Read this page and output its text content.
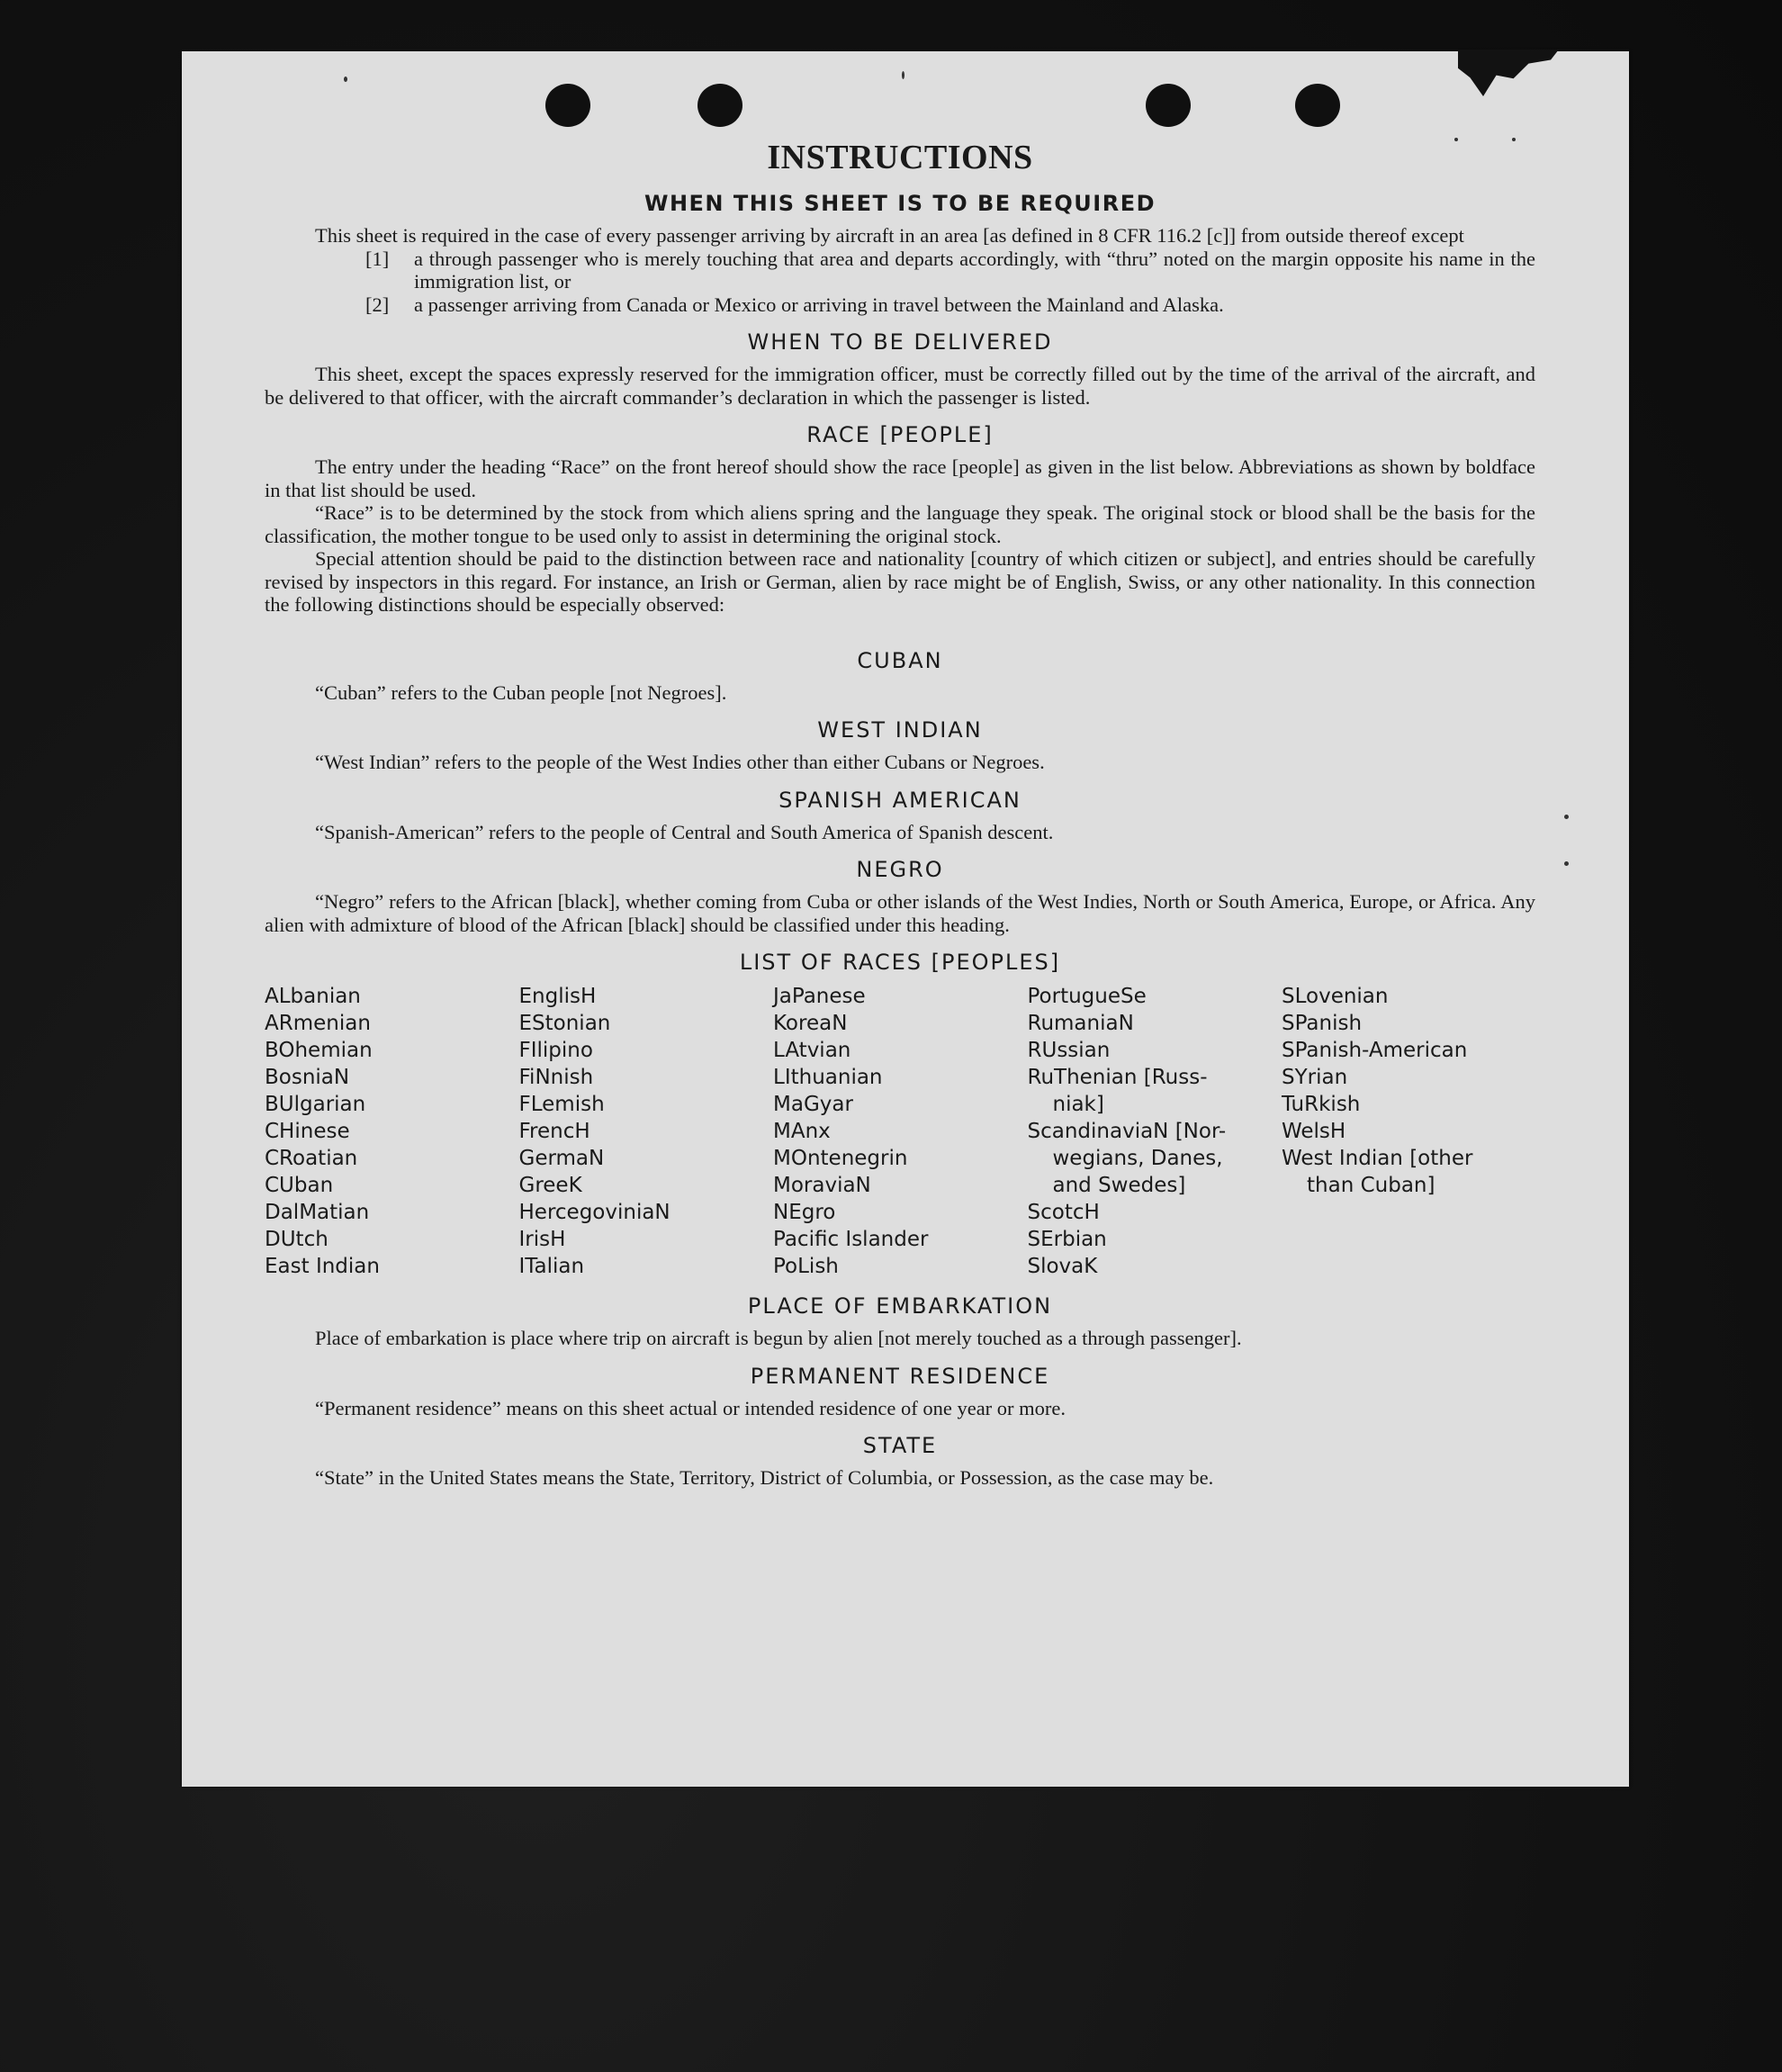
INSTRUCTIONS
WHEN THIS SHEET IS TO BE REQUIRED

This sheet is required in the case of every passenger arriving by aircraft in an area [as defined in 8 CFR 116.2 [c]] from outside thereof except

[1]	a through passenger who is merely touching that area and departs accordingly, with “thru” noted on the margin opposite his name in the immigration list, or
[2]	a passenger arriving from Canada or Mexico or arriving in travel between the Mainland and Alaska.
WHEN TO BE DELIVERED

This sheet, except the spaces expressly reserved for the immigration officer, must be correctly filled out by the time of the arrival of the aircraft, and be delivered to that officer, with the aircraft commander’s declaration in which the passenger is listed.

RACE [PEOPLE]

The entry under the heading “Race” on the front hereof should show the race [people] as given in the list below. Abbreviations as shown by boldface in that list should be used.

“Race” is to be determined by the stock from which aliens spring and the language they speak. The original stock or blood shall be the basis for the classification, the mother tongue to be used only to assist in determining the original stock.

Special attention should be paid to the distinction between race and nationality [country of which citizen or subject], and entries should be carefully revised by inspectors in this regard. For instance, an Irish or German, alien by race might be of English, Swiss, or any other nationality. In this connection the following distinctions should be especially observed:

CUBAN

“Cuban” refers to the Cuban people [not Negroes].

WEST INDIAN

“West Indian” refers to the people of the West Indies other than either Cubans or Negroes.

SPANISH AMERICAN

“Spanish-American” refers to the people of Central and South America of Spanish descent.

NEGRO

“Negro” refers to the African [black], whether coming from Cuba or other islands of the West Indies, North or South America, Europe, or Africa. Any alien with admixture of blood of the African [black] should be classified under this heading.

LIST OF RACES [PEOPLES]
ALbanian
ARmenian
BOhemian
BosniaN
BUlgarian
CHinese
CRoatian
CUban
DalMatian
DUtch
East Indian
EnglisH
EStonian
FIlipino
FiNnish
FLemish
FrencH
GermaN
GreeK
HercegoviniaN
IrisH
ITalian
JaPanese
KoreaN
LAtvian
LIthuanian
MaGyar
MAnx
MOntenegrin
MoraviaN
NEgro
Pacific Islander
PoLish
PortugueSe
RumaniaN
RUssian
RuThenian [Russ-
niak]
ScandinaviaN [Nor-
wegians, Danes,
and Swedes]
ScotcH
SErbian
SlovaK
SLovenian
SPanish
SPanish-American
SYrian
TuRkish
WelsH
West Indian [other
than Cuban]
PLACE OF EMBARKATION

Place of embarkation is place where trip on aircraft is begun by alien [not merely touched as a through passenger].

PERMANENT RESIDENCE

“Permanent residence” means on this sheet actual or intended residence of one year or more.

STATE

“State” in the United States means the State, Territory, District of Columbia, or Possession, as the case may be.
